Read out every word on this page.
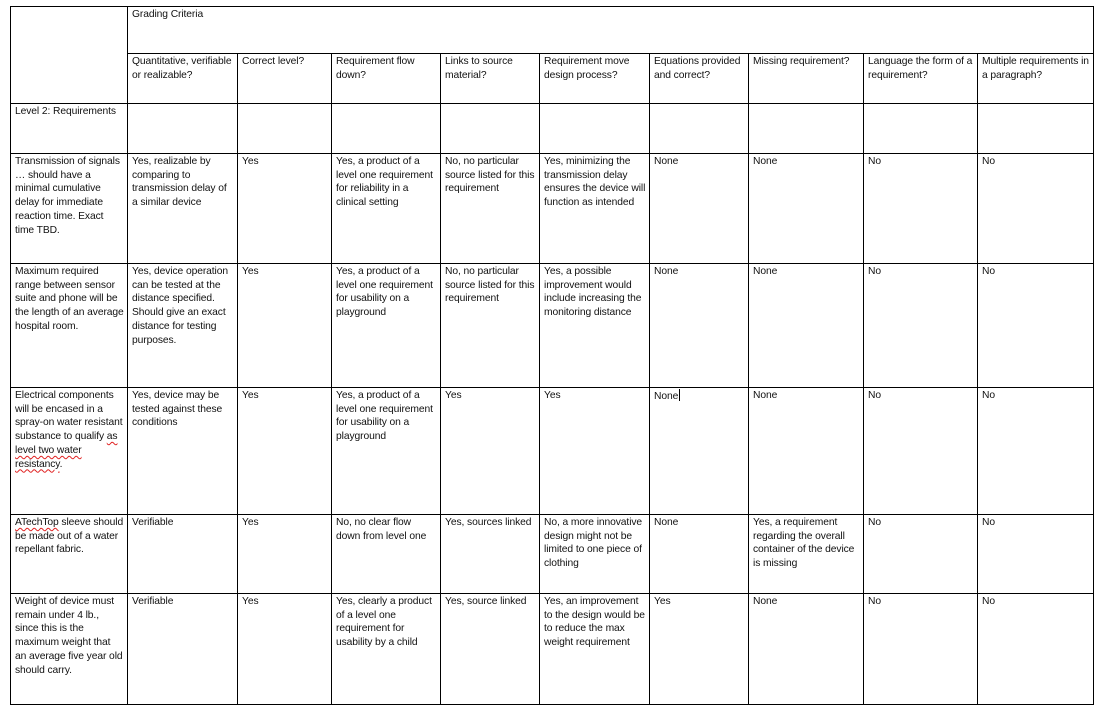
	Grading Criteria								
	Quantitative, verifiable or realizable?	Correct level?	Requirement flow down?	Links to source material?	Requirement move design process?	Equations provided and correct?	Missing requirement?	Language the form of a requirement?	Multiple requirements in a paragraph?
Level 2: Requirements									
Transmission of signals … should have a minimal cumulative delay for immediate reaction time. Exact time TBD.	Yes, realizable by comparing to transmission delay of a similar device	Yes	Yes, a product of a level one requirement for reliability in a clinical setting	No, no particular source listed for this requirement	Yes, minimizing the transmission delay ensures the device will function as intended	None	None	No	No
Maximum required range between sensor suite and phone will be the length of an average hospital room.	Yes, device operation can be tested at the distance specified. Should give an exact distance for testing purposes.	Yes	Yes, a product of a level one requirement for usability on a playground	No, no particular source listed for this requirement	Yes, a possible improvement would include increasing the monitoring distance	None	None	No	No
Electrical components will be encased in a spray-on water resistant substance to qualify as level two water resistancy.	Yes, device may be tested against these conditions	Yes	Yes, a product of a level one requirement for usability on a playground	Yes	Yes	None	None	No	No
ATechTop sleeve should be made out of a water repellant fabric.	Verifiable	Yes	No, no clear flow down from level one	Yes, sources linked	No, a more innovative design might not be limited to one piece of clothing	None	Yes, a requirement regarding the overall container of the device is missing	No	No
Weight of device must remain under 4 lb., since this is the maximum weight that an average five year old should carry.	Verifiable	Yes	Yes, clearly a product of a level one requirement for usability by a child	Yes, source linked	Yes, an improvement to the design would be to reduce the max weight requirement	Yes	None	No	No
